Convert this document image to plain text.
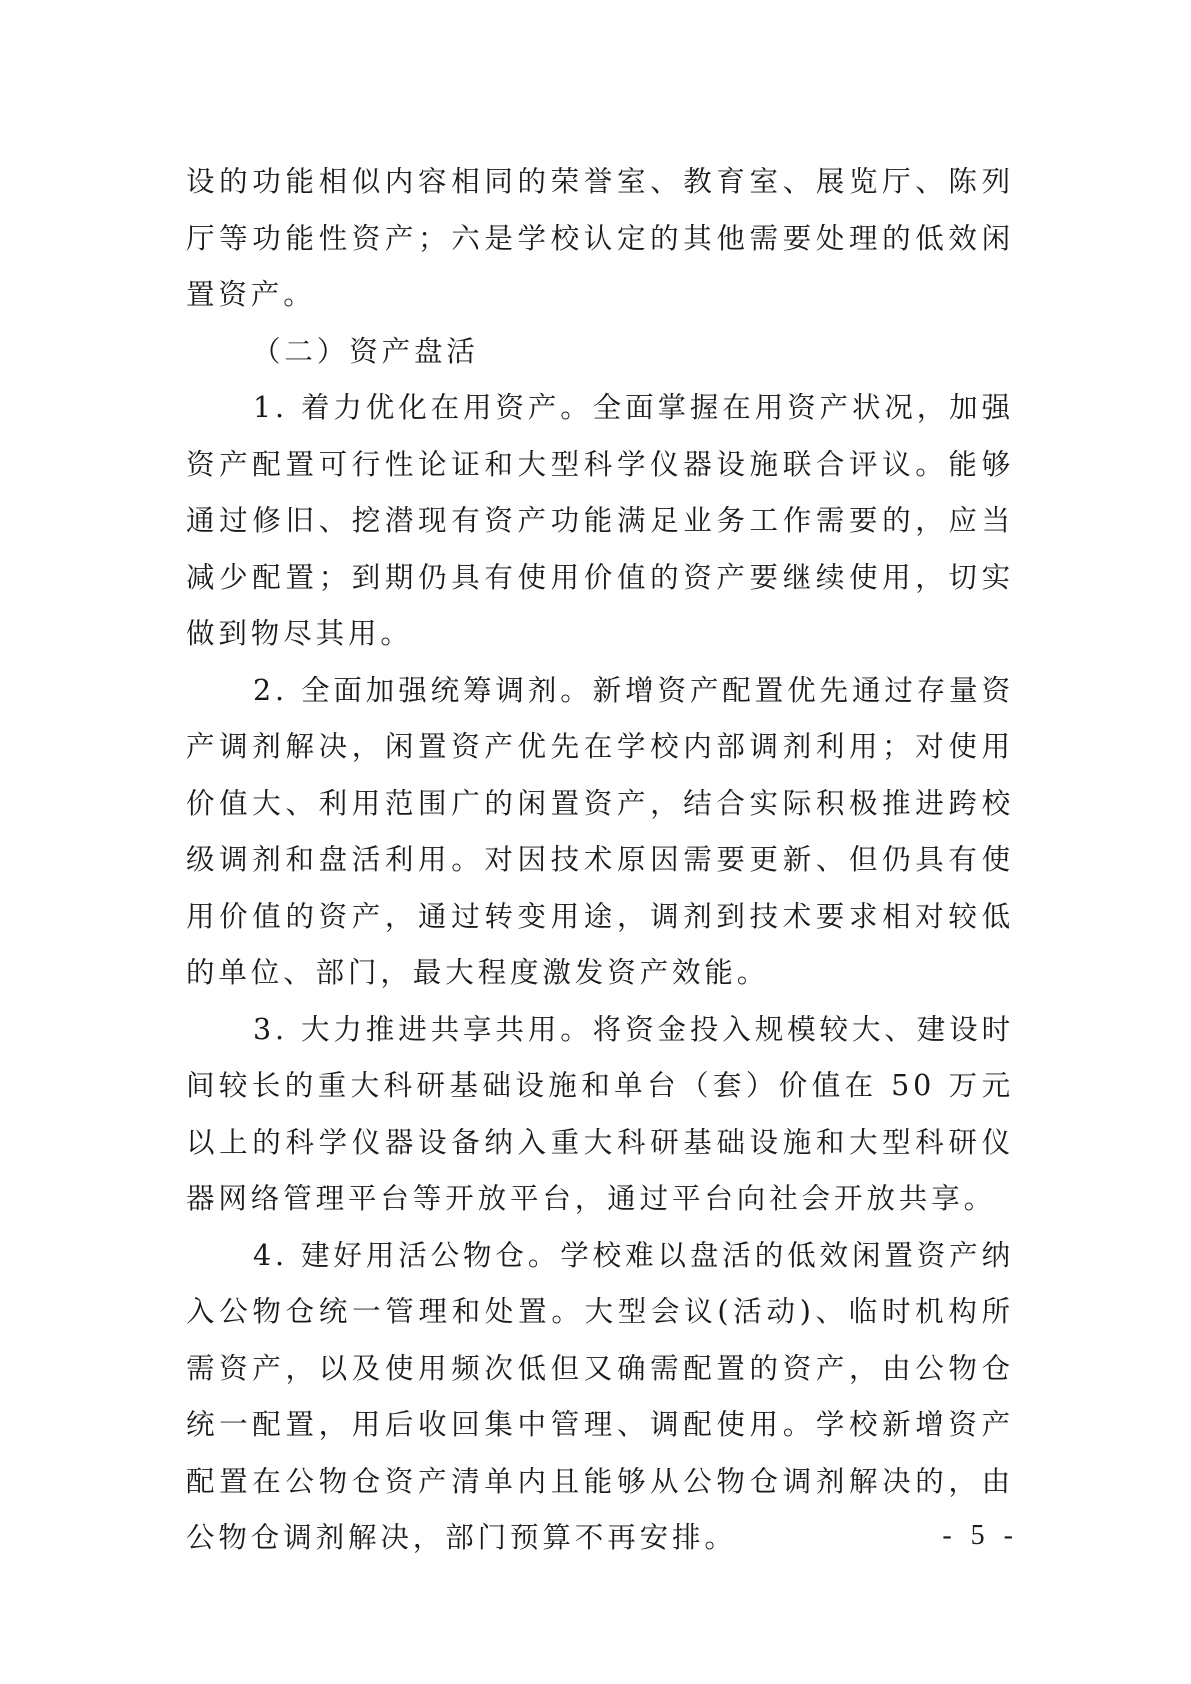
设的功能相似内容相同的荣誉室、教育室、展览厅、陈列厅等功能性资产；六是学校认定的其他需要处理的低效闲置资产。

（二）资产盘活

1. 着力优化在用资产。全面掌握在用资产状况，加强资产配置可行性论证和大型科学仪器设施联合评议。能够通过修旧、挖潜现有资产功能满足业务工作需要的，应当减少配置；到期仍具有使用价值的资产要继续使用，切实做到物尽其用。

2. 全面加强统筹调剂。新增资产配置优先通过存量资产调剂解决，闲置资产优先在学校内部调剂利用；对使用价值大、利用范围广的闲置资产，结合实际积极推进跨校级调剂和盘活利用。对因技术原因需要更新、但仍具有使用价值的资产，通过转变用途，调剂到技术要求相对较低的单位、部门，最大程度激发资产效能。

3. 大力推进共享共用。将资金投入规模较大、建设时间较长的重大科研基础设施和单台（套）价值在 50 万元以上的科学仪器设备纳入重大科研基础设施和大型科研仪器网络管理平台等开放平台，通过平台向社会开放共享。

4. 建好用活公物仓。学校难以盘活的低效闲置资产纳入公物仓统一管理和处置。大型会议(活动)、临时机构所需资产，以及使用频次低但又确需配置的资产，由公物仓统一配置，用后收回集中管理、调配使用。学校新增资产配置在公物仓资产清单内且能够从公物仓调剂解决的，由公物仓调剂解决，部门预算不再安排。	- 5 -
